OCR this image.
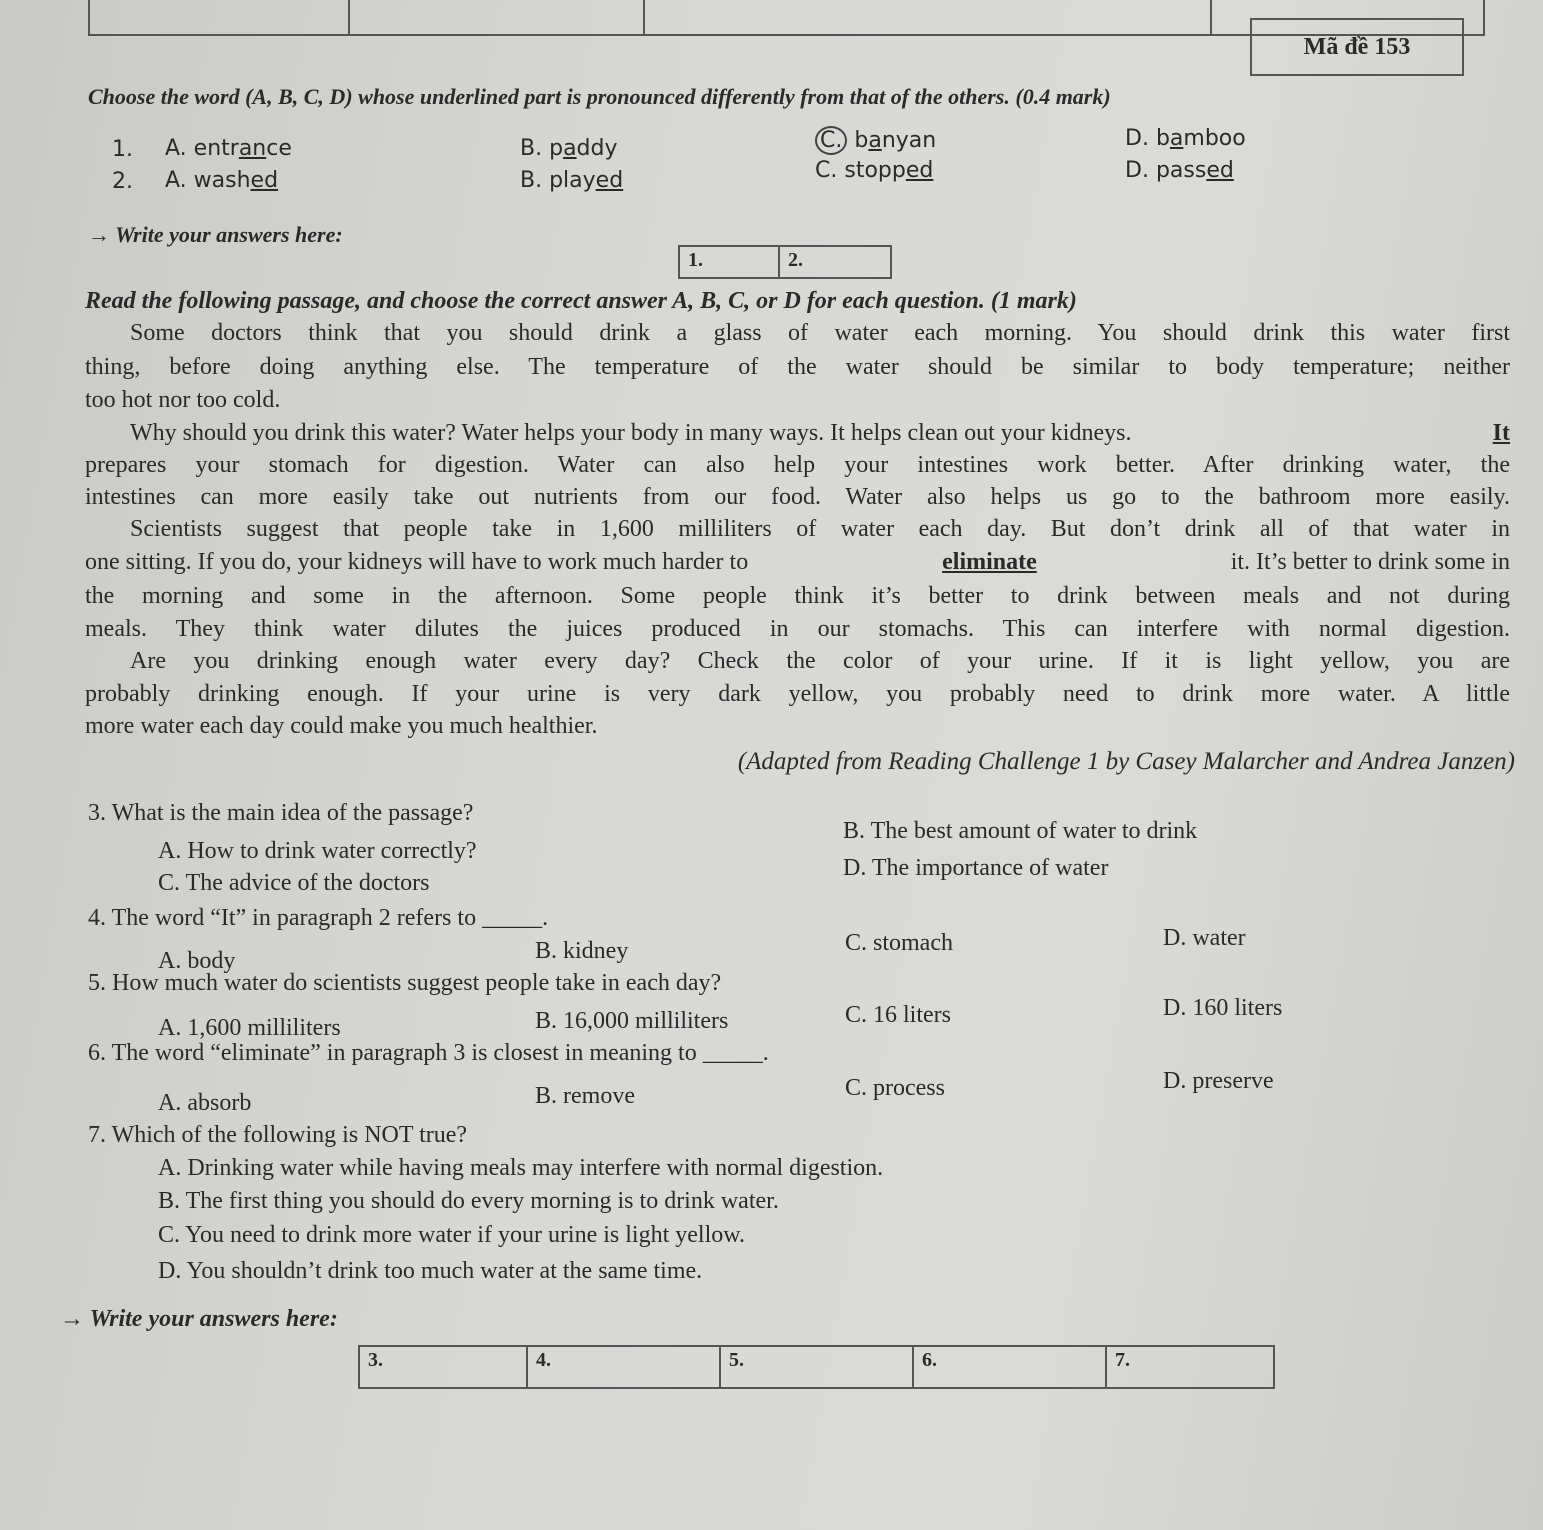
Mã đề 153
Choose the word (A, B, C, D) whose underlined part is pronounced differently from that of the others. (0.4 mark)
1. A. entrance	B. paddy	C. banyan	D. bamboo
2. A. washed	B. played	C. stopped	D. passed
→ Write your answers here:
1.	2.
Read the following passage, and choose the correct answer A, B, C, or D for each question. (1 mark)
Some doctors think that you should drink a glass of water each morning. You should drink this water first
thing, before doing anything else. The temperature of the water should be similar to body temperature; neither
too hot nor too cold.
Why should you drink this water? Water helps your body in many ways. It helps clean out your kidneys.	It
prepares your stomach for digestion. Water can also help your intestines work better. After drinking water, the
intestines can more easily take out nutrients from our food. Water also helps us go to the bathroom more easily.
Scientists suggest that people take in 1,600 milliliters of water each day. But don’t drink all of that water in
one sitting. If you do, your kidneys will have to work much harder to	eliminate	it. It’s better to drink some in
the morning and some in the afternoon. Some people think it’s better to drink between meals and not during
meals. They think water dilutes the juices produced in our stomachs. This can interfere with normal digestion.
Are you drinking enough water every day? Check the color of your urine. If it is light yellow, you are
probably drinking enough. If your urine is very dark yellow, you probably need to drink more water. A little
more water each day could make you much healthier.
(Adapted from Reading Challenge 1 by Casey Malarcher and Andrea Janzen)
3. What is the main idea of the passage?
A. How to drink water correctly?
B. The best amount of water to drink
C. The advice of the doctors
D. The importance of water
4. The word “It” in paragraph 2 refers to _____.
A. body	B. kidney	C. stomach	D. water
5. How much water do scientists suggest people take in each day?
A. 1,600 milliliters	B. 16,000 milliliters	C. 16 liters	D. 160 liters
6. The word “eliminate” in paragraph 3 is closest in meaning to _____.
A. absorb	B. remove	C. process	D. preserve
7. Which of the following is NOT true?
A. Drinking water while having meals may interfere with normal digestion.
B. The first thing you should do every morning is to drink water.
C. You need to drink more water if your urine is light yellow.
D. You shouldn’t drink too much water at the same time.
→ Write your answers here:
3.	4.	5.	6.	7.
